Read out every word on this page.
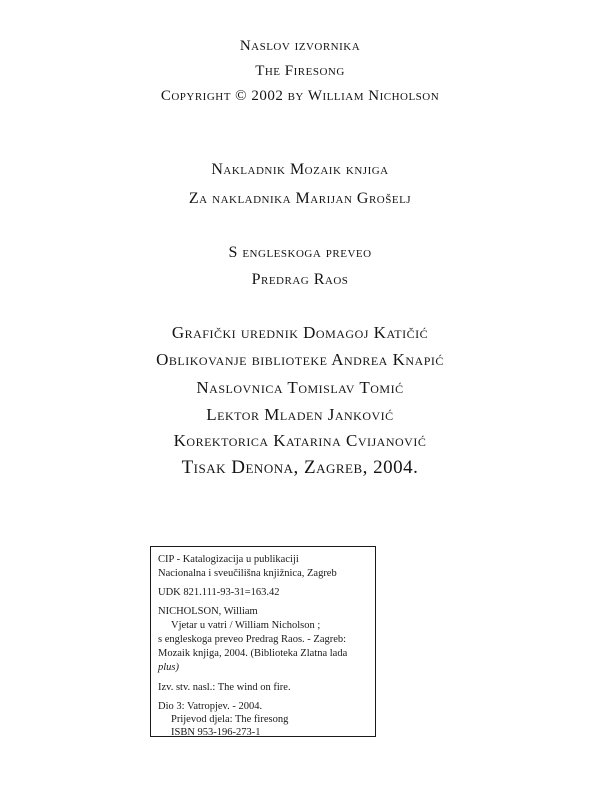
Naslov izvornika
The Firesong
Copyright © 2002 by William Nicholson
Nakladnik Mozaik knjiga
Za nakladnika Marijan Grošelj
S engleskoga preveo
Predrag Raos
Grafički urednik Domagoj Katičić
Oblikovanje biblioteke Andrea Knapić
Naslovnica Tomislav Tomić
Lektor Mladen Janković
Korektorica Katarina Cvijanović
Tisak Denona, Zagreb, 2004.
CIP - Katalogizacija u publikaciji
Nacionalna i sveučilišna knjižnica, Zagreb
UDK 821.111-93-31=163.42
NICHOLSON, William
Vjetar u vatri / William Nicholson ;
s engleskoga preveo Predrag Raos. - Zagreb:
Mozaik knjiga, 2004. (Biblioteka Zlatna lada
plus)
Izv. stv. nasl.: The wind on fire.
Dio 3: Vatropjev. - 2004.
Prijevod djela: The firesong
ISBN 953-196-273-1
